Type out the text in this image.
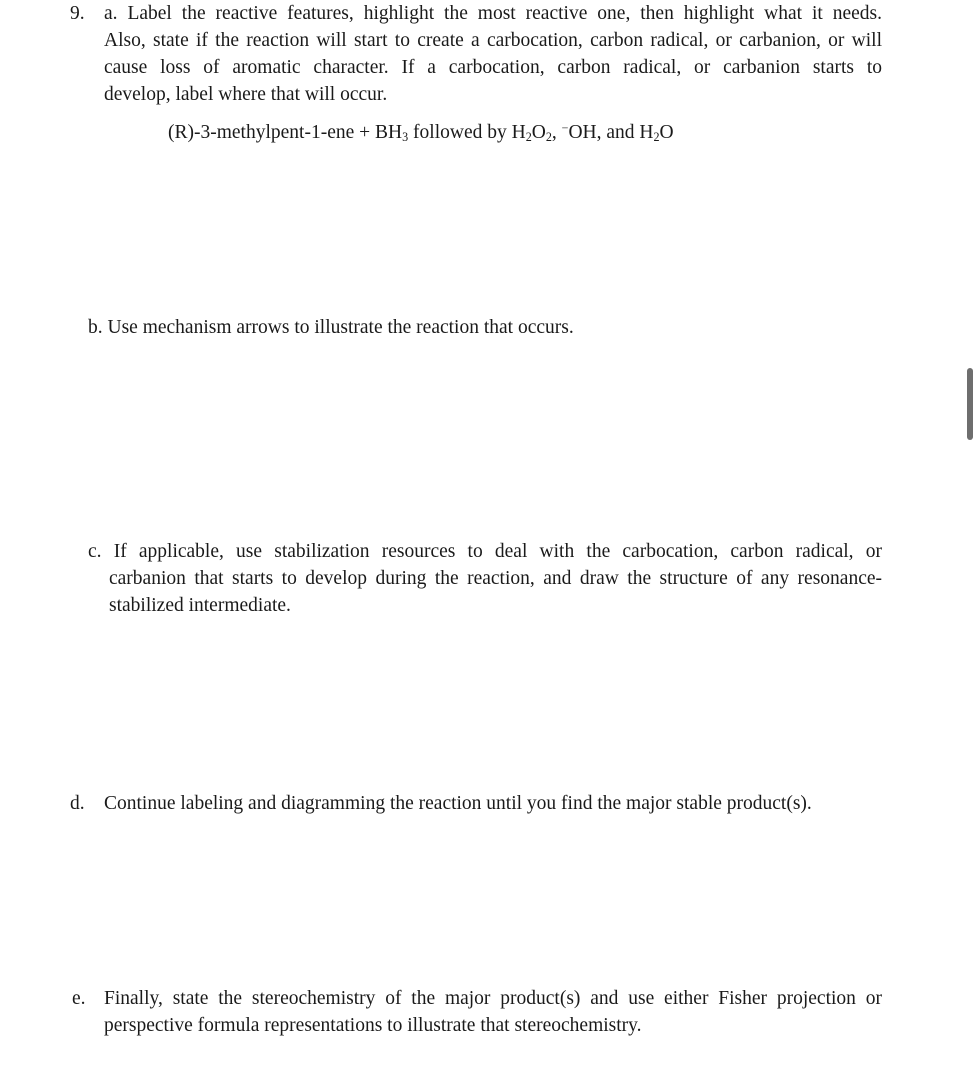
9. a. Label the reactive features, highlight the most reactive one, then highlight what it needs.
Also, state if the reaction will start to create a carbocation, carbon radical, or carbanion, or will
cause loss of aromatic character. If a carbocation, carbon radical, or carbanion starts to
develop, label where that will occur.
(R)-3-methylpent-1-ene + $BH_3$ followed by $H_2O_2$, −OH, and $H_2O$
b. Use mechanism arrows to illustrate the reaction that occurs.
c. If applicable, use stabilization resources to deal with the carbocation, carbon radical, or
carbanion that starts to develop during the reaction, and draw the structure of any resonance-
stabilized intermediate.
d. Continue labeling and diagramming the reaction until you find the major stable product(s).
e. Finally, state the stereochemistry of the major product(s) and use either Fisher projection or
perspective formula representations to illustrate that stereochemistry.
